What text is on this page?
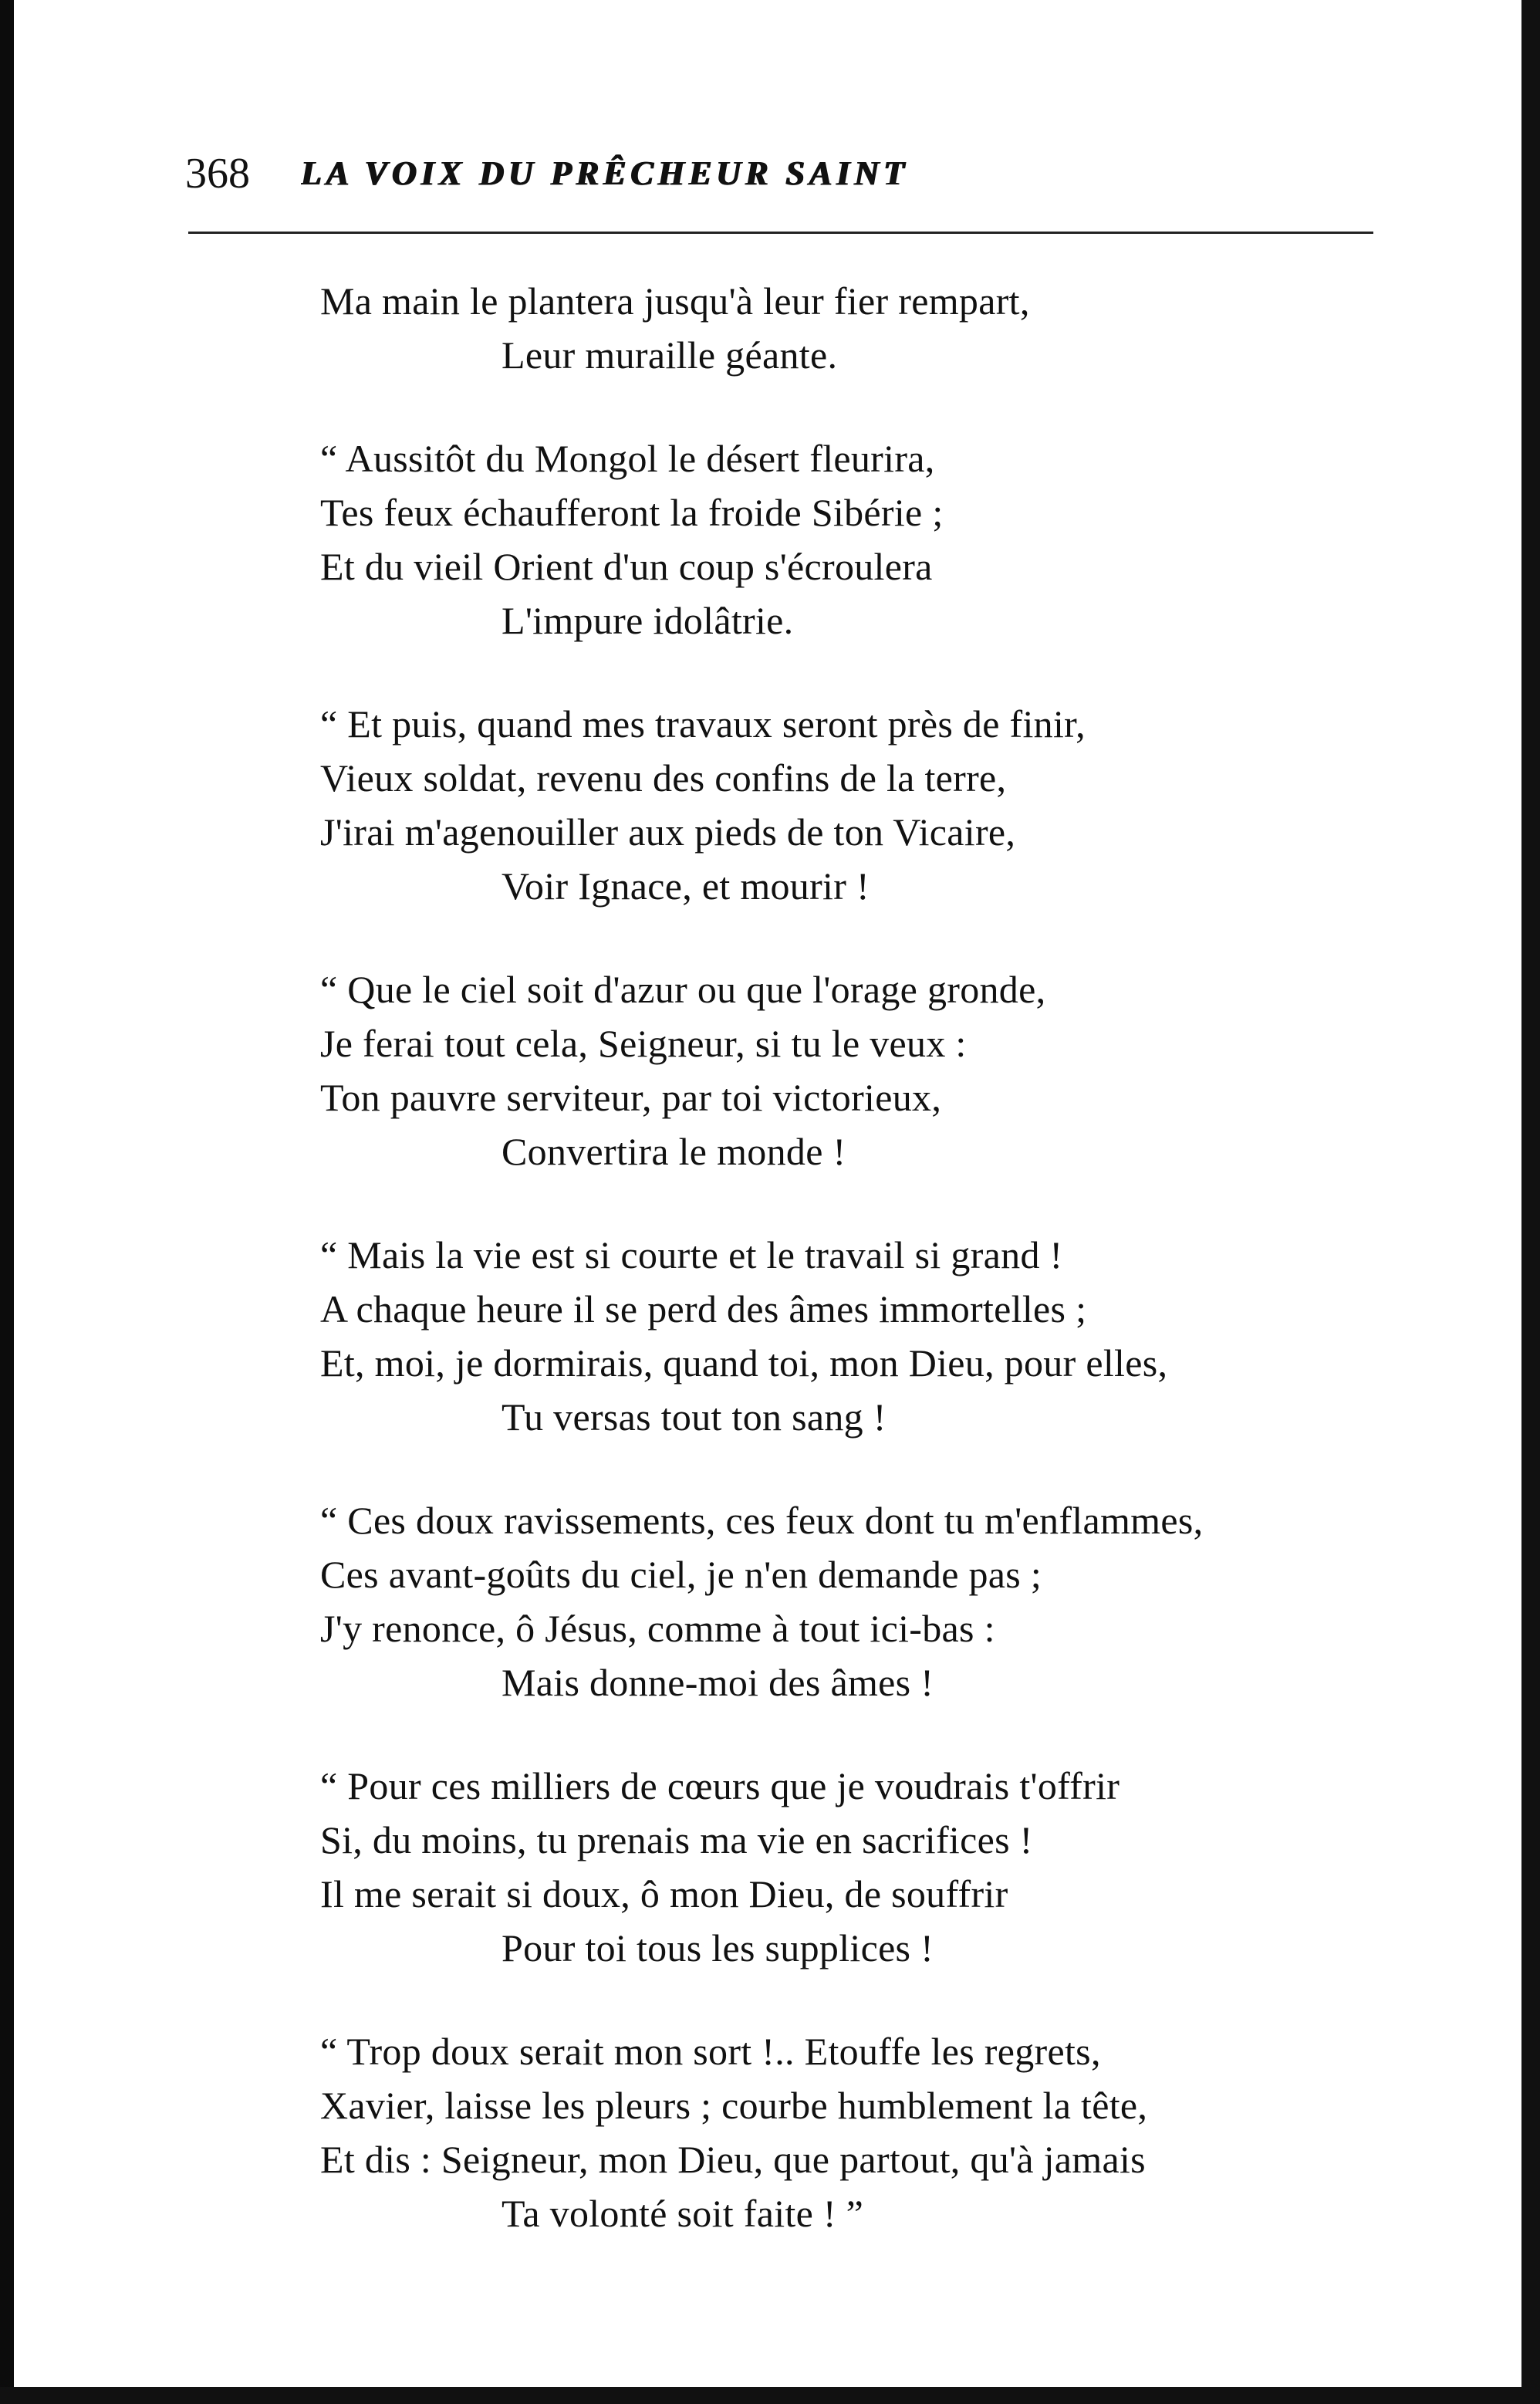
368 LA VOIX DU PRÊCHEUR SAINT
Ma main le plantera jusqu'à leur fier rempart,
Leur muraille géante.
“ Aussitôt du Mongol le désert fleurira,
Tes feux échaufferont la froide Sibérie ;
Et du vieil Orient d'un coup s'écroulera
L'impure idolâtrie.
“ Et puis, quand mes travaux seront près de finir,
Vieux soldat, revenu des confins de la terre,
J'irai m'agenouiller aux pieds de ton Vicaire,
Voir Ignace, et mourir !
“ Que le ciel soit d'azur ou que l'orage gronde,
Je ferai tout cela, Seigneur, si tu le veux :
Ton pauvre serviteur, par toi victorieux,
Convertira le monde !
“ Mais la vie est si courte et le travail si grand !
A chaque heure il se perd des âmes immortelles ;
Et, moi, je dormirais, quand toi, mon Dieu, pour elles,
Tu versas tout ton sang !
“ Ces doux ravissements, ces feux dont tu m'enflammes,
Ces avant-goûts du ciel, je n'en demande pas ;
J'y renonce, ô Jésus, comme à tout ici-bas :
Mais donne-moi des âmes !
“ Pour ces milliers de cœurs que je voudrais t'offrir
Si, du moins, tu prenais ma vie en sacrifices !
Il me serait si doux, ô mon Dieu, de souffrir
Pour toi tous les supplices !
“ Trop doux serait mon sort !.. Etouffe les regrets,
Xavier, laisse les pleurs ; courbe humblement la tête,
Et dis : Seigneur, mon Dieu, que partout, qu'à jamais
Ta volonté soit faite ! ”
